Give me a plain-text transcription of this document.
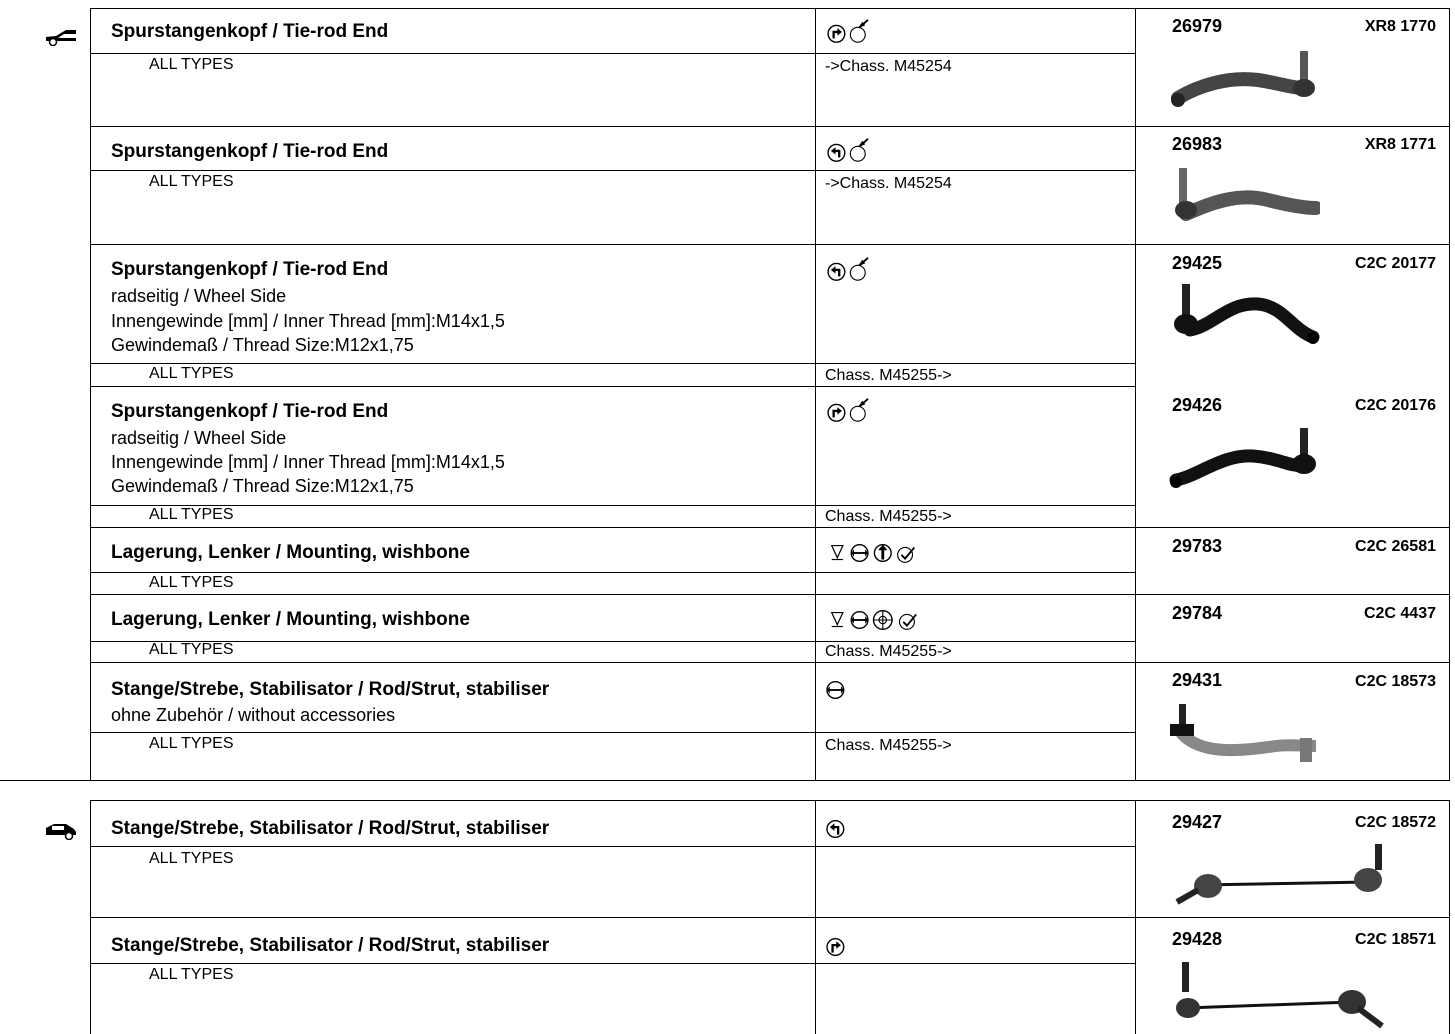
Spurstangenkopf / Tie-rod End
ALL TYPES	->Chass. M45254
26979	XR8 1770
Spurstangenkopf / Tie-rod End
ALL TYPES	->Chass. M45254
26983	XR8 1771
Spurstangenkopf / Tie-rod End
radseitig / Wheel Side
Innengewinde [mm] / Inner Thread [mm]:M14x1,5
Gewindemaß / Thread Size:M12x1,75
ALL TYPES	Chass. M45255->
29425	C2C 20177
Spurstangenkopf / Tie-rod End
radseitig / Wheel Side
Innengewinde [mm] / Inner Thread [mm]:M14x1,5
Gewindemaß / Thread Size:M12x1,75
ALL TYPES	Chass. M45255->
29426	C2C 20176
Lagerung, Lenker / Mounting, wishbone
ALL TYPES
29783	C2C 26581
Lagerung, Lenker / Mounting, wishbone
ALL TYPES	Chass. M45255->
29784	C2C 4437
Stange/Strebe, Stabilisator / Rod/Strut, stabiliser
ohne Zubehör / without accessories
ALL TYPES	Chass. M45255->
29431	C2C 18573
Stange/Strebe, Stabilisator / Rod/Strut, stabiliser
ALL TYPES
29427	C2C 18572
Stange/Strebe, Stabilisator / Rod/Strut, stabiliser
ALL TYPES
29428	C2C 18571
